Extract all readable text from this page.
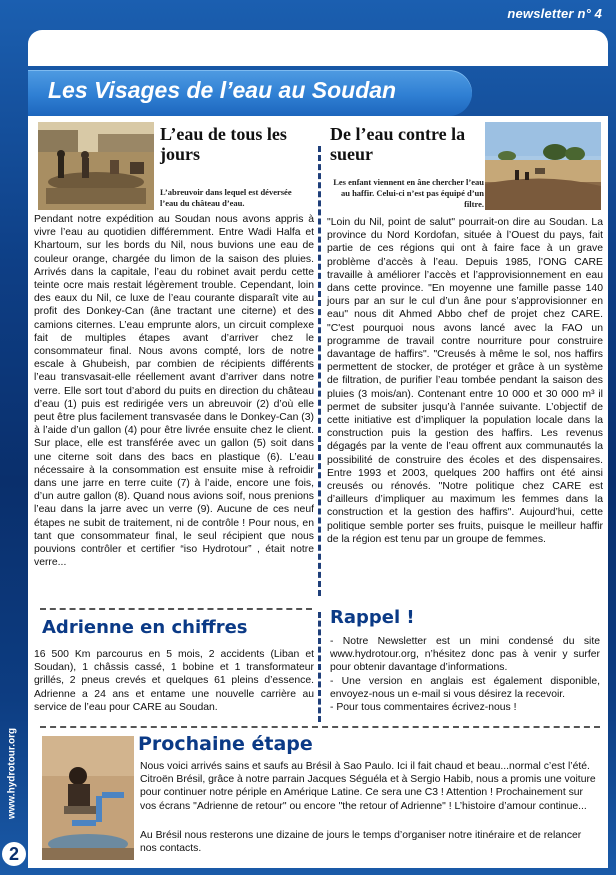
newsletter n° 4
Les Visages de l’eau au Soudan
L’eau de tous les jours
L’abreuvoir dans lequel est déversée l’eau du château d’eau.
De l’eau contre la sueur
Les enfant viennent en âne chercher l’eau au haffir. Celui-ci n’est pas équipé d’un filtre.

Pendant notre expédition au Soudan nous avons appris à vivre l’eau au quotidien différemment. Entre Wadi Halfa et Khartoum, sur les bords du Nil, nous buvions une eau de couleur orange, chargée du limon de la saison des pluies. Arrivés dans la capitale, l’eau du robinet avait perdu cette teinte ocre mais restait légèrement trouble. Cependant, loin des eaux du Nil, ce luxe de l’eau courante disparaît vite au profit des Donkey-Can (âne tractant une citerne) et des camions citernes. L’eau emprunte alors, un circuit complexe fait de multiples étapes avant d’arriver chez le consommateur final. Nous avons compté, lors de notre escale à Ghubeish, par combien de récipients différents l’eau transvasait-elle réellement avant d’arriver dans notre verre. Elle sort tout d’abord du puits en direction du château d’eau (1) puis est redirigée vers un abreuvoir (2) d’où elle peut être plus facilement transvasée dans le Donkey-Can (3) à l’aide d’un gallon (4) pour être livrée ensuite chez le client. Sur place, elle est transférée avec un gallon (5) soit dans une citerne soit dans des bacs en plastique (6). L’eau nécessaire à la consommation est ensuite mise à refroidir dans une jarre en terre cuite (7) à l’aide, encore une fois, d’un autre gallon (8). Quand nous avions soif, nous prenions l’eau dans la jarre avec un verre (9). Aucune de ces neuf étapes ne subit de traitement, ni de contrôle ! Pour nous, en tant que consommateur final, le seul récipient que nous pouvions contrôler et certifier “iso Hydrotour” , était notre verre...

"Loin du Nil, point de salut" pourrait-on dire au Soudan. La province du Nord Kordofan, située à l’Ouest du pays, fait partie de ces régions qui ont à faire face à un grave problème d’accès à l’eau. Depuis 1985, l’ONG CARE travaille à améliorer l’accès et l’approvisionnement en eau dans cette province. "En moyenne une famille passe 140 jours par an sur le cul d’un âne pour s’approvisionner en eau" nous dit Ahmed Abbo chef de projet chez CARE. "C'est pourquoi nous avons lancé avec la FAO un programme de travail contre nourriture pour construire davantage de haffirs". "Creusés à même le sol, nos haffirs permettent de stocker, de protéger et grâce à un système de filtration, de purifier l’eau tombée pendant la saison des pluies (3 mois/an). Contenant entre 10 000 et 30 000 m³ il permet de subsiter jusqu’à l’année suivante. L’objectif de cette initiative est d’impliquer la population locale dans la construction puis la gestion des haffirs. Les revenus dégagés par la vente de l’eau offrent aux communautés la possibilité de construire des écoles et des dispensaires. Entre 1993 et 2003, quelques 200 haffirs ont été ainsi creusés ou rénovés. "Notre politique chez CARE est d’ailleurs d’impliquer au maximum les femmes dans la construction et la gestion des haffirs". Aujourd’hui, cette politique semble porter ses fruits, puisque le meilleur haffir de la région est tenu par un groupe de femmes.

Adrienne en chiffres

16 500 Km parcourus en 5 mois, 2 accidents (Liban et Soudan), 1 châssis cassé, 1 bobine et 1 transformateur grillés, 2 pneus crevés et quelques 61 pleins d’essence. Adrienne a 24 ans et entame une nouvelle carrière au service de l’eau pour CARE au Soudan.

Rappel !

- Notre Newsletter est un mini condensé du site www.hydrotour.org, n’hésitez donc pas à venir y surfer pour obtenir davantage d’informations.

- Une version en anglais est également disponible, envoyez-nous un e-mail si vous désirez la recevoir.

- Pour tous commentaires écrivez-nous !

Prochaine étape

Nous voici arrivés sains et saufs au Brésil à Sao Paulo. Ici il fait chaud et beau...normal c’est l’été. Citroën Brésil, grâce à notre parrain Jacques Séguéla et à Sergio Habib, nous a promis une voiture pour continuer notre périple en Amérique Latine. Ce sera une C3 ! Attention ! Prochainement sur vos écrans "Adrienne de retour" ou encore "the retour of Adrienne" ! L’histoire d’amour continue...

Au Brésil nous resterons une dizaine de jours le temps d’organiser notre itinéraire et de relancer nos contacts.

www.hydrotour.org
2
